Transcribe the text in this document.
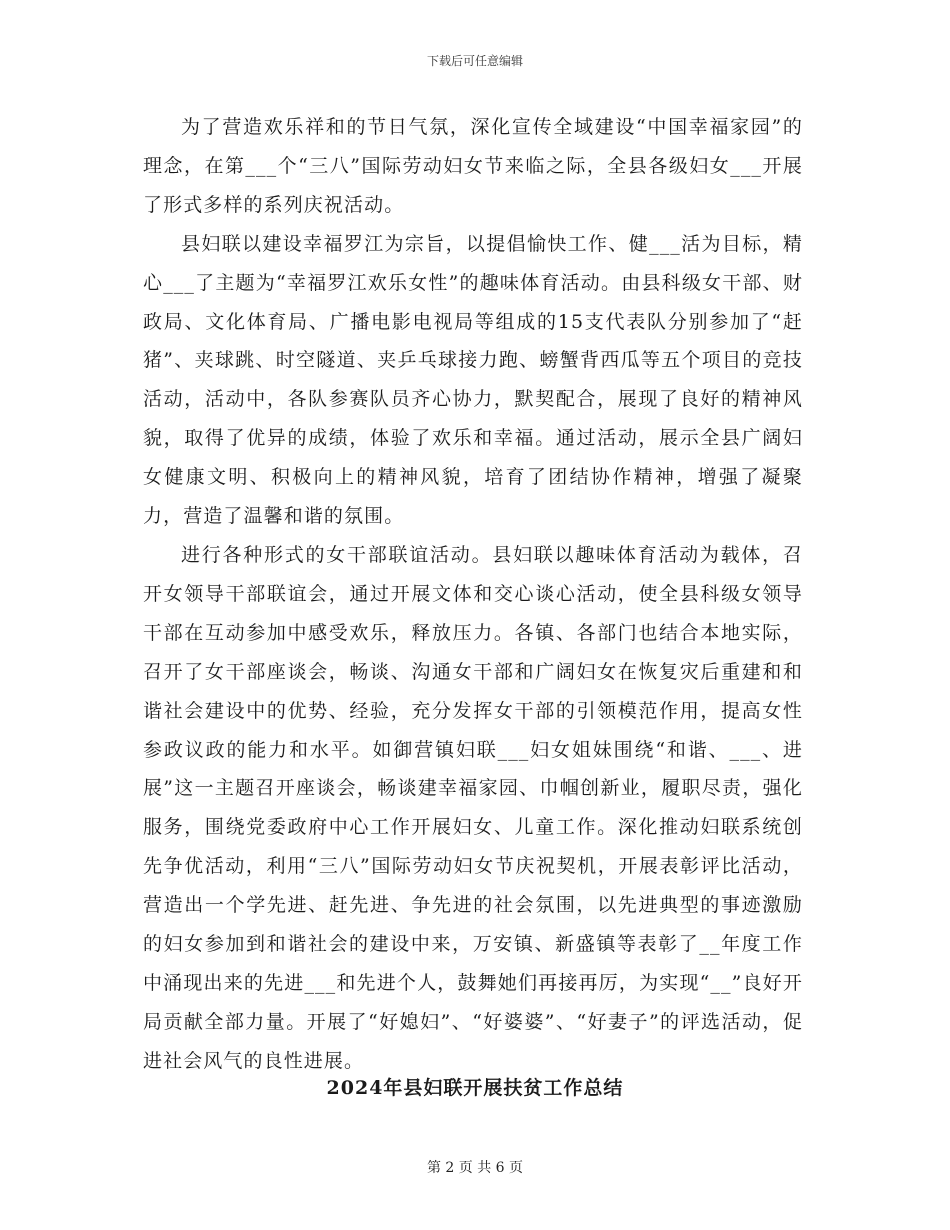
下载后可任意编辑

为了营造欢乐祥和的节日气氛，深化宣传全域建设“中国幸福家园”的理念，在第___个“三八”国际劳动妇女节来临之际，全县各级妇女___开展了形式多样的系列庆祝活动。

县妇联以建设幸福罗江为宗旨，以提倡愉快工作、健___活为目标，精心___了主题为“幸福罗江欢乐女性”的趣味体育活动。由县科级女干部、财政局、文化体育局、广播电影电视局等组成的15支代表队分别参加了“赶猪”、夹球跳、时空隧道、夹乒乓球接力跑、螃蟹背西瓜等五个项目的竞技活动，活动中，各队参赛队员齐心协力，默契配合，展现了良好的精神风貌，取得了优异的成绩，体验了欢乐和幸福。通过活动，展示全县广阔妇女健康文明、积极向上的精神风貌，培育了团结协作精神，增强了凝聚力，营造了温馨和谐的氛围。

进行各种形式的女干部联谊活动。县妇联以趣味体育活动为载体，召开女领导干部联谊会，通过开展文体和交心谈心活动，使全县科级女领导干部在互动参加中感受欢乐，释放压力。各镇、各部门也结合本地实际，召开了女干部座谈会，畅谈、沟通女干部和广阔妇女在恢复灾后重建和和谐社会建设中的优势、经验，充分发挥女干部的引领模范作用，提高女性参政议政的能力和水平。如御营镇妇联___妇女姐妹围绕“和谐、___、进展”这一主题召开座谈会，畅谈建幸福家园、巾帼创新业，履职尽责，强化服务，围绕党委政府中心工作开展妇女、儿童工作。深化推动妇联系统创先争优活动，利用“三八”国际劳动妇女节庆祝契机，开展表彰评比活动，营造出一个学先进、赶先进、争先进的社会氛围，以先进典型的事迹激励的妇女参加到和谐社会的建设中来，万安镇、新盛镇等表彰了__年度工作中涌现出来的先进___和先进个人，鼓舞她们再接再厉，为实现“__”良好开局贡献全部力量。开展了“好媳妇”、“好婆婆”、“好妻子”的评选活动，促进社会风气的良性进展。

2024年县妇联开展扶贫工作总结
第 2 页 共 6 页
